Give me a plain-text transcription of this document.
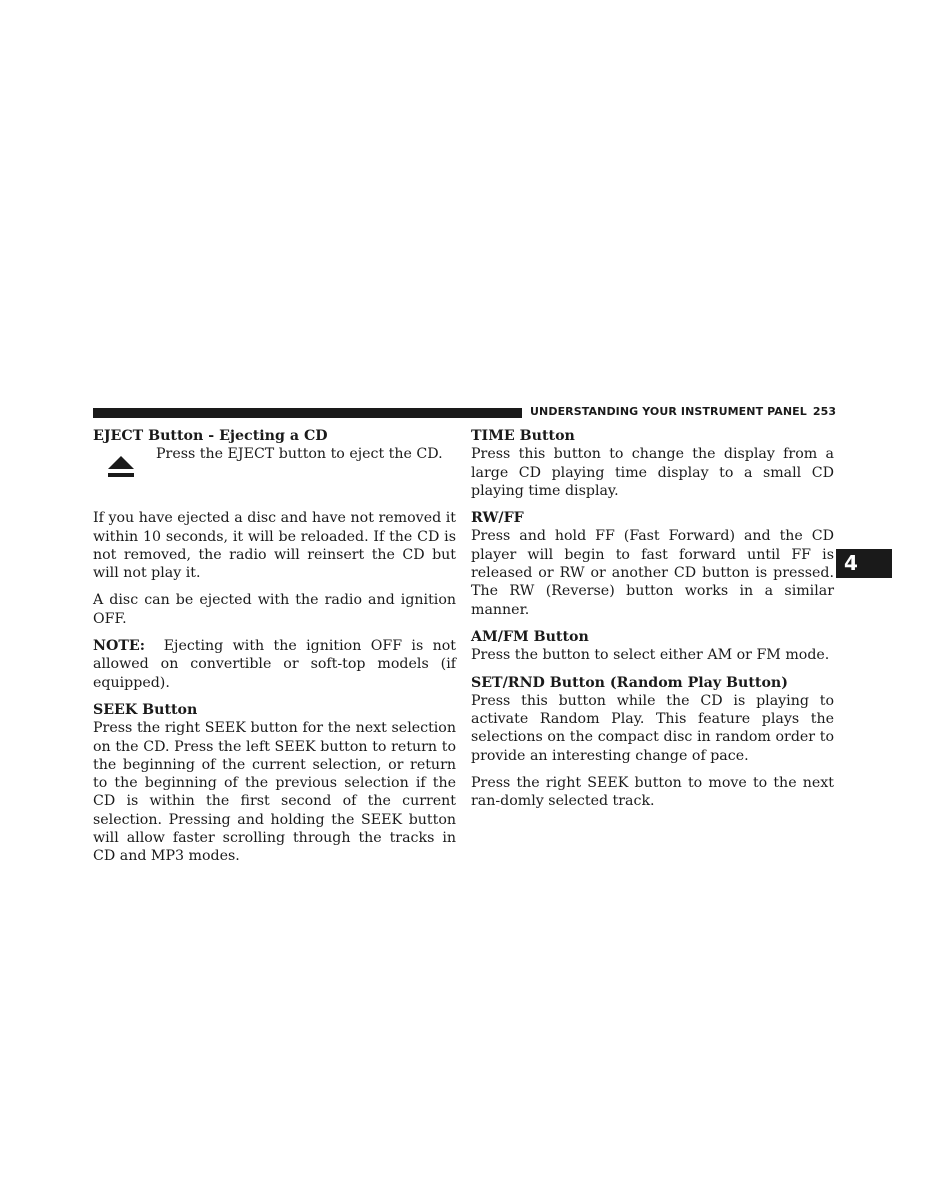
UNDERSTANDING YOUR INSTRUMENT PANEL 253
4

EJECT Button - Ejecting a CD

Press the EJECT button to eject the CD.

If you have ejected a disc and have not removed it within 10 seconds, it will be reloaded. If the CD is not removed, the radio will reinsert the CD but will not play it.

A disc can be ejected with the radio and ignition OFF.

NOTE: Ejecting with the ignition OFF is not allowed on convertible or soft-top models (if equipped).

SEEK Button

Press the right SEEK button for the next selection on the CD. Press the left SEEK button to return to the beginning of the current selection, or return to the beginning of the previous selection if the CD is within the first second of the current selection. Pressing and holding the SEEK button will allow faster scrolling through the tracks in CD and MP3 modes.

TIME Button

Press this button to change the display from a large CD playing time display to a small CD playing time display.

RW/FF

Press and hold FF (Fast Forward) and the CD player will begin to fast forward until FF is released or RW or another CD button is pressed. The RW (Reverse) button works in a similar manner.

AM/FM Button

Press the button to select either AM or FM mode.

SET/RND Button (Random Play Button)

Press this button while the CD is playing to activate Random Play. This feature plays the selections on the compact disc in random order to provide an interesting change of pace.

Press the right SEEK button to move to the next ran-domly selected track.
